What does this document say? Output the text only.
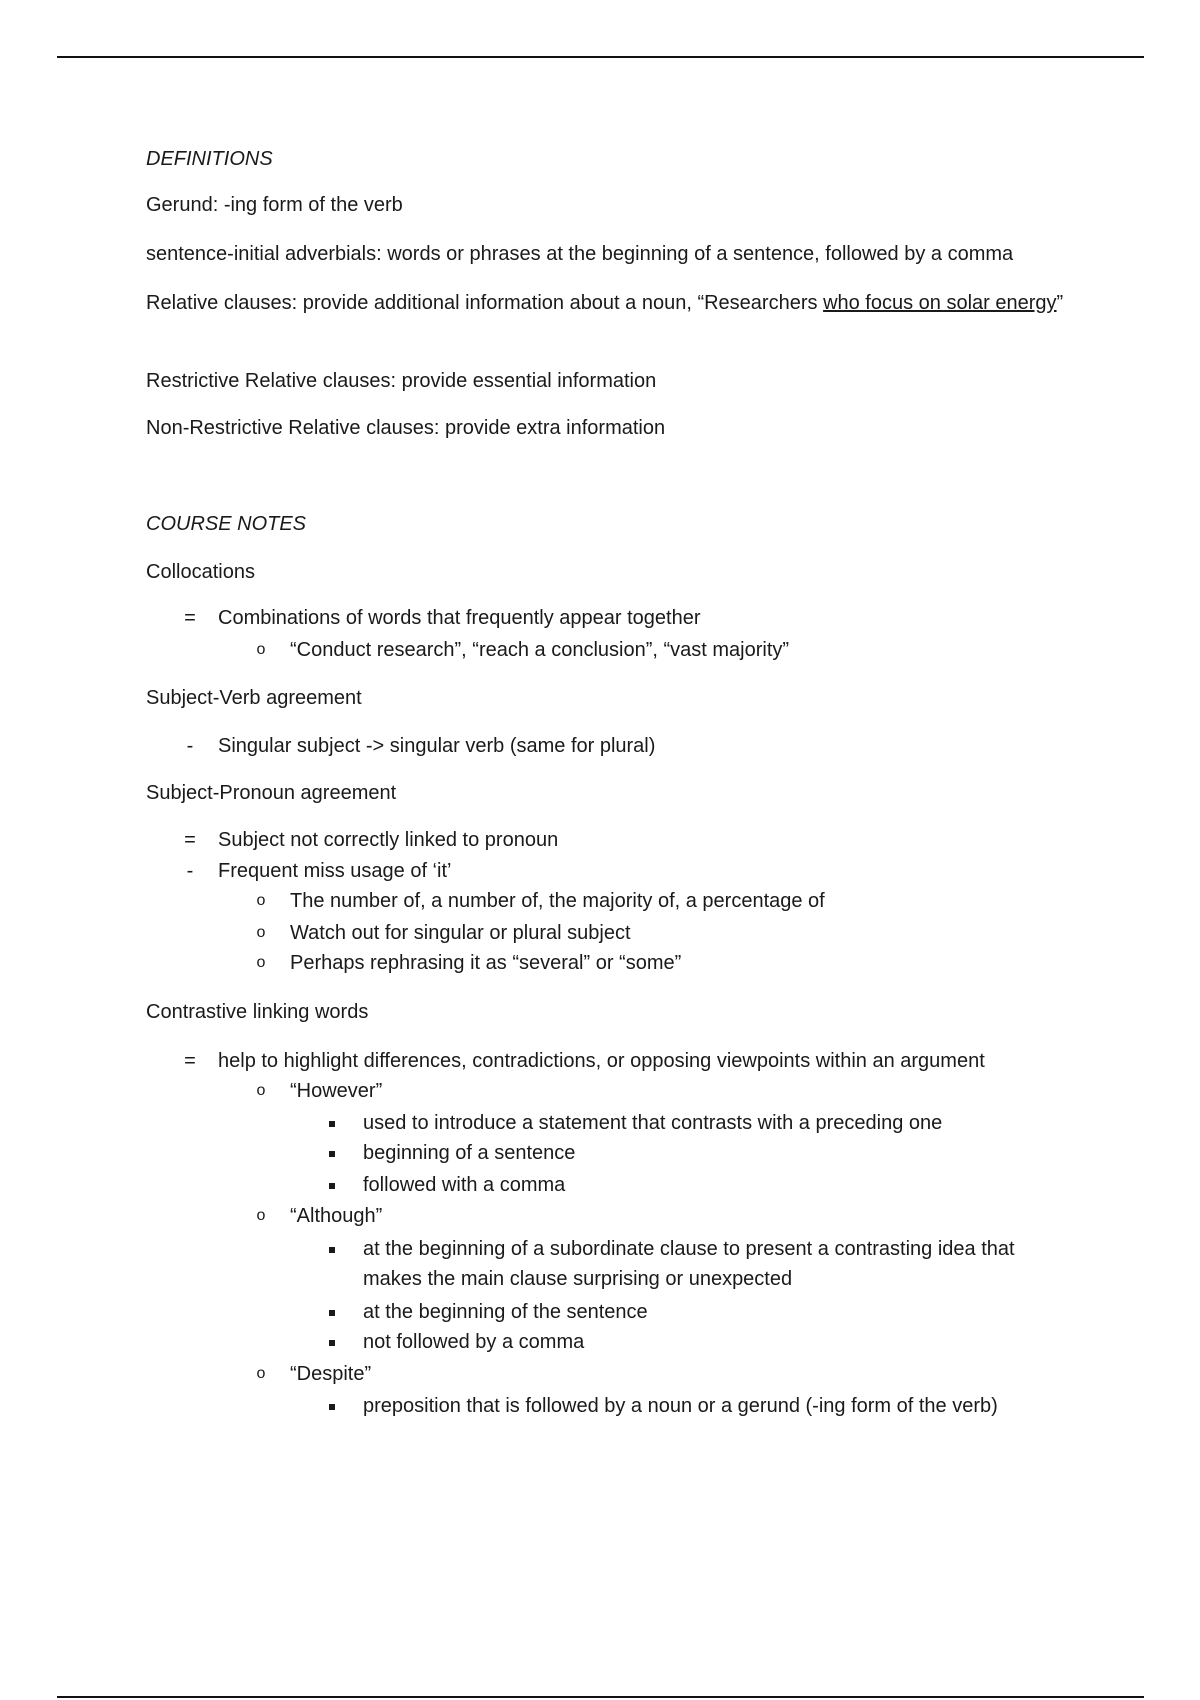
DEFINITIONS
Gerund: -ing form of the verb
sentence-initial adverbials: words or phrases at the beginning of a sentence, followed by a comma
Relative clauses: provide additional information about a noun, “Researchers who focus on solar energy”
Restrictive Relative clauses: provide essential information
Non-Restrictive Relative clauses: provide extra information
COURSE NOTES
Collocations
= Combinations of words that frequently appear together
o “Conduct research”, “reach a conclusion”, “vast majority”
Subject-Verb agreement
-	Singular subject -> singular verb (same for plural)
Subject-Pronoun agreement
= Subject not correctly linked to pronoun
-	Frequent miss usage of ‘it’
o The number of, a number of, the majority of, a percentage of
o Watch out for singular or plural subject
o Perhaps rephrasing it as “several” or “some”
Contrastive linking words
= help to highlight differences, contradictions, or opposing viewpoints within an argument
o “However”
used to introduce a statement that contrasts with a preceding one
beginning of a sentence
followed with a comma
o “Although”
at the beginning of a subordinate clause to present a contrasting idea that makes the main clause surprising or unexpected
at the beginning of the sentence
not followed by a comma
o “Despite”
preposition that is followed by a noun or a gerund (-ing form of the verb)
